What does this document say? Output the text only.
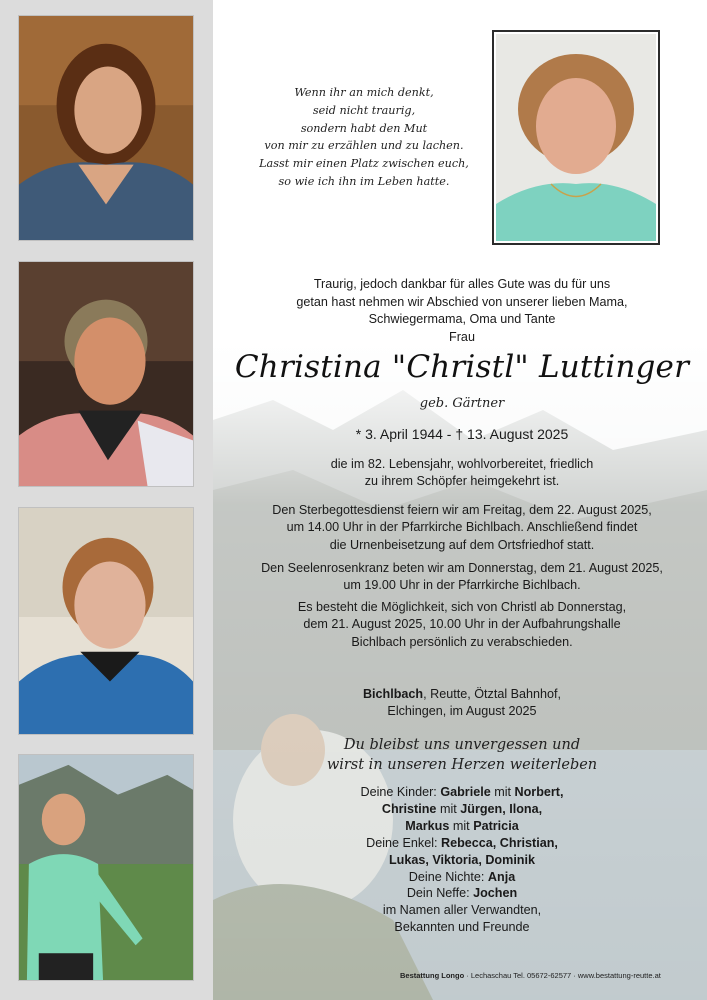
Wenn ihr an mich denkt,
seid nicht traurig,
sondern habt den Mut
von mir zu erzählen und zu lachen.
Lasst mir einen Platz zwischen euch,
so wie ich ihn im Leben hatte.
Traurig, jedoch dankbar für alles Gute was du für uns
getan hast nehmen wir Abschied von unserer lieben Mama,
Schwiegermama, Oma und Tante
Frau
Christina "Christl" Luttinger
geb. Gärtner
* 3. April 1944 - † 13. August 2025
die im 82. Lebensjahr, wohlvorbereitet, friedlich
zu ihrem Schöpfer heimgekehrt ist.
Den Sterbegottesdienst feiern wir am Freitag, dem 22. August 2025,
um 14.00 Uhr in der Pfarrkirche Bichlbach. Anschließend findet
die Urnenbeisetzung auf dem Ortsfriedhof statt.
Den Seelenrosenkranz beten wir am Donnerstag, dem 21. August 2025,
um 19.00 Uhr in der Pfarrkirche Bichlbach.
Es besteht die Möglichkeit, sich von Christl ab Donnerstag,
dem 21. August 2025, 10.00 Uhr in der Aufbahrungshalle
Bichlbach persönlich zu verabschieden.
Bichlbach, Reutte, Ötztal Bahnhof,
Elchingen, im August 2025
Du bleibst uns unvergessen und
wirst in unseren Herzen weiterleben
Deine Kinder: Gabriele mit Norbert,
Christine mit Jürgen, Ilona,
Markus mit Patricia
Deine Enkel: Rebecca, Christian,
Lukas, Viktoria, Dominik
Deine Nichte: Anja
Dein Neffe: Jochen
im Namen aller Verwandten,
Bekannten und Freunde
Bestattung Longo · Lechaschau Tel. 05672-62577 · www.bestattung-reutte.at
